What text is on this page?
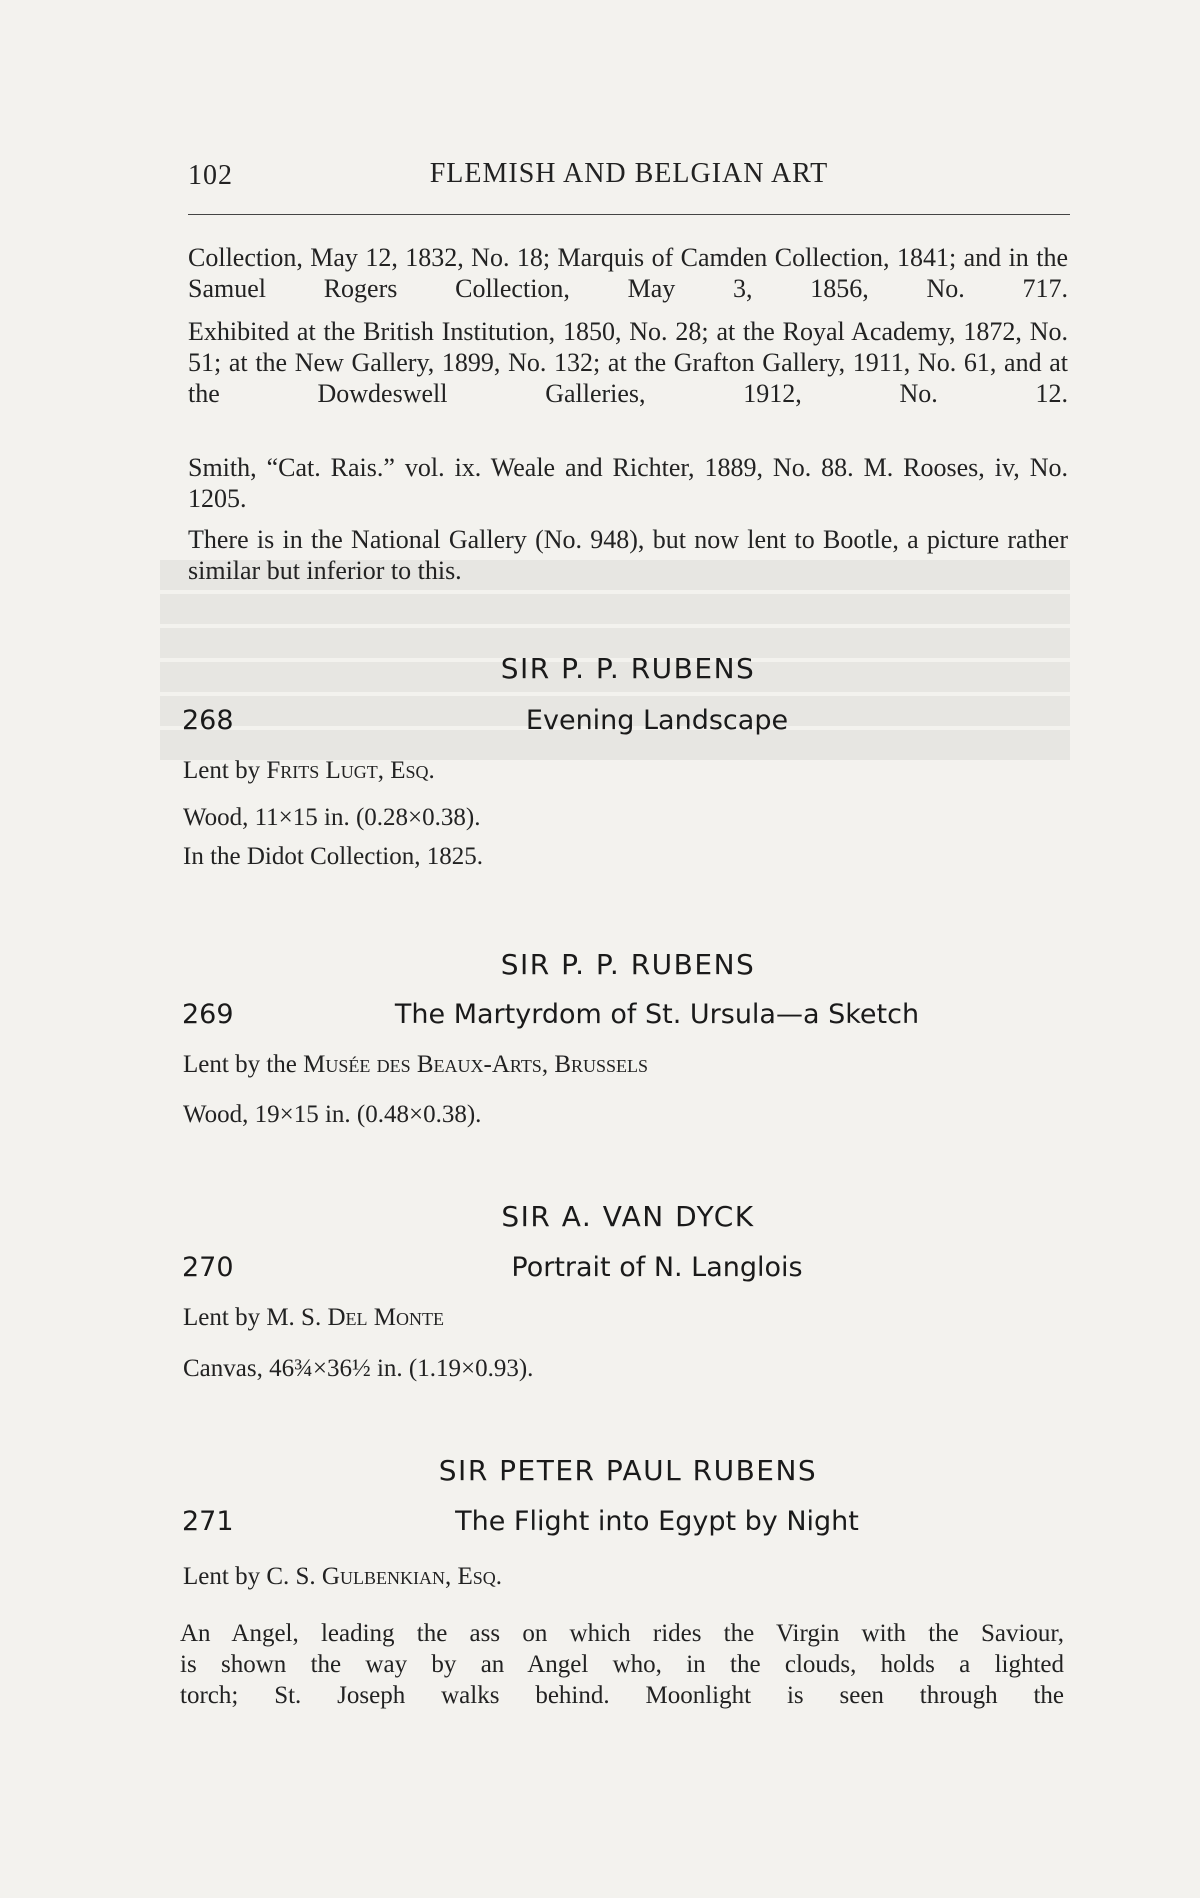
102	FLEMISH AND BELGIAN ART
Collection, May 12, 1832, No. 18; Marquis of Camden Collection, 1841; and in the Samuel Rogers Collection, May 3, 1856, No. 717.
Exhibited at the British Institution, 1850, No. 28; at the Royal Academy, 1872, No. 51; at the New Gallery, 1899, No. 132; at the Grafton Gallery, 1911, No. 61, and at the Dowdeswell Galleries, 1912, No. 12.
Smith, “Cat. Rais.” vol. ix. Weale and Richter, 1889, No. 88. M. Rooses, iv, No. 1205.
There is in the National Gallery (No. 948), but now lent to Bootle, a picture rather similar but inferior to this.
SIR P. P. RUBENS
268	Evening Landscape
Lent by Frits Lugt, Esq.
Wood, 11×15 in. (0.28×0.38).
In the Didot Collection, 1825.
SIR P. P. RUBENS
269	The Martyrdom of St. Ursula—a Sketch
Lent by the Musée des Beaux-Arts, Brussels
Wood, 19×15 in. (0.48×0.38).
SIR A. VAN DYCK
270	Portrait of N. Langlois
Lent by M. S. Del Monte
Canvas, 46¾×36½ in. (1.19×0.93).
SIR PETER PAUL RUBENS
271	The Flight into Egypt by Night
Lent by C. S. Gulbenkian, Esq.
An Angel, leading the ass on which rides the Virgin with the Saviour,
is shown the way by an Angel who, in the clouds, holds a lighted
torch; St. Joseph walks behind. Moonlight is seen through the
